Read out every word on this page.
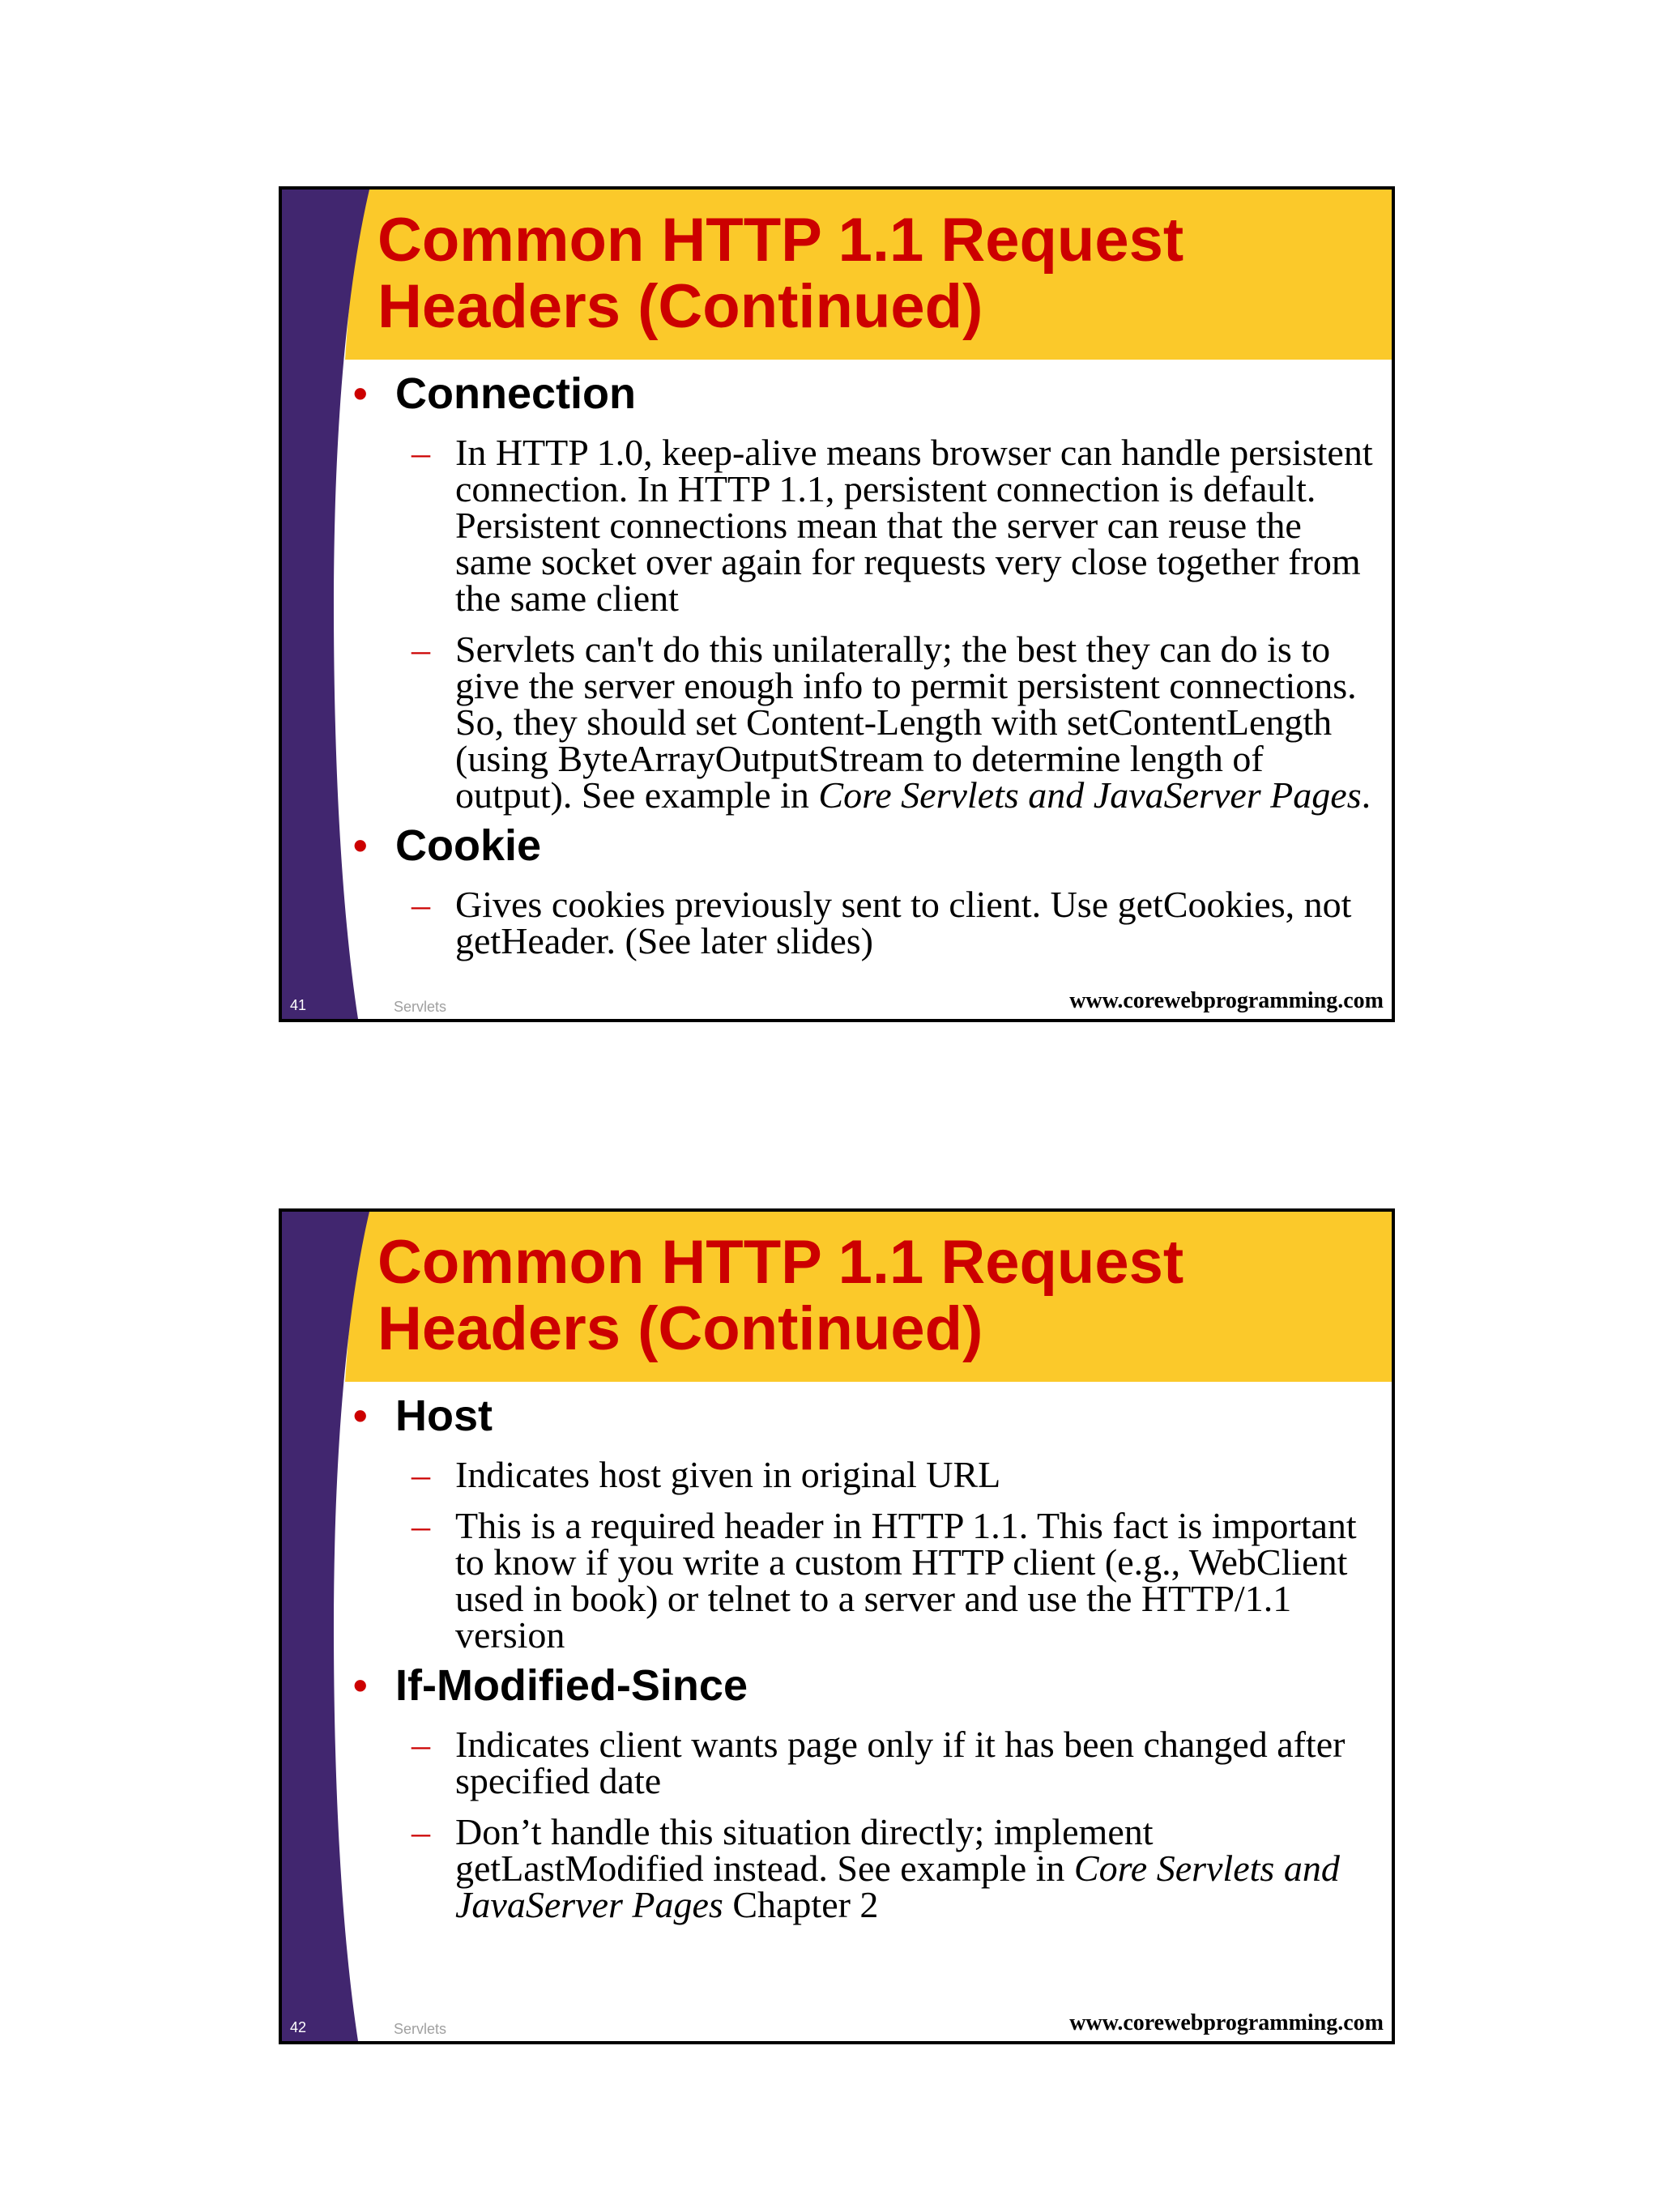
Common HTTP 1.1 Request
Headers (Continued)
• Connection
– In HTTP 1.0, keep-alive means browser can handle persistent connection. In HTTP 1.1, persistent connection is default. Persistent connections mean that the server can reuse the same socket over again for requests very close together from the same client

– Servlets can't do this unilaterally; the best they can do is to give the server enough info to permit persistent connections. So, they should set Content-Length with setContentLength (using ByteArrayOutputStream to determine length of output). See example in Core Servlets and JavaServer Pages.

• Cookie
– Gives cookies previously sent to client. Use getCookies, not getHeader. (See later slides)

41	Servlets	www.corewebprogramming.com
Common HTTP 1.1 Request
Headers (Continued)
• Host
– Indicates host given in original URL

– This is a required header in HTTP 1.1. This fact is important to know if you write a custom HTTP client (e.g., WebClient used in book) or telnet to a server and use the HTTP/1.1 version

• If-Modified-Since
– Indicates client wants page only if it has been changed after specified date

– Don’t handle this situation directly; implement getLastModified instead. See example in Core Servlets and JavaServer Pages Chapter 2

42	Servlets	www.corewebprogramming.com
